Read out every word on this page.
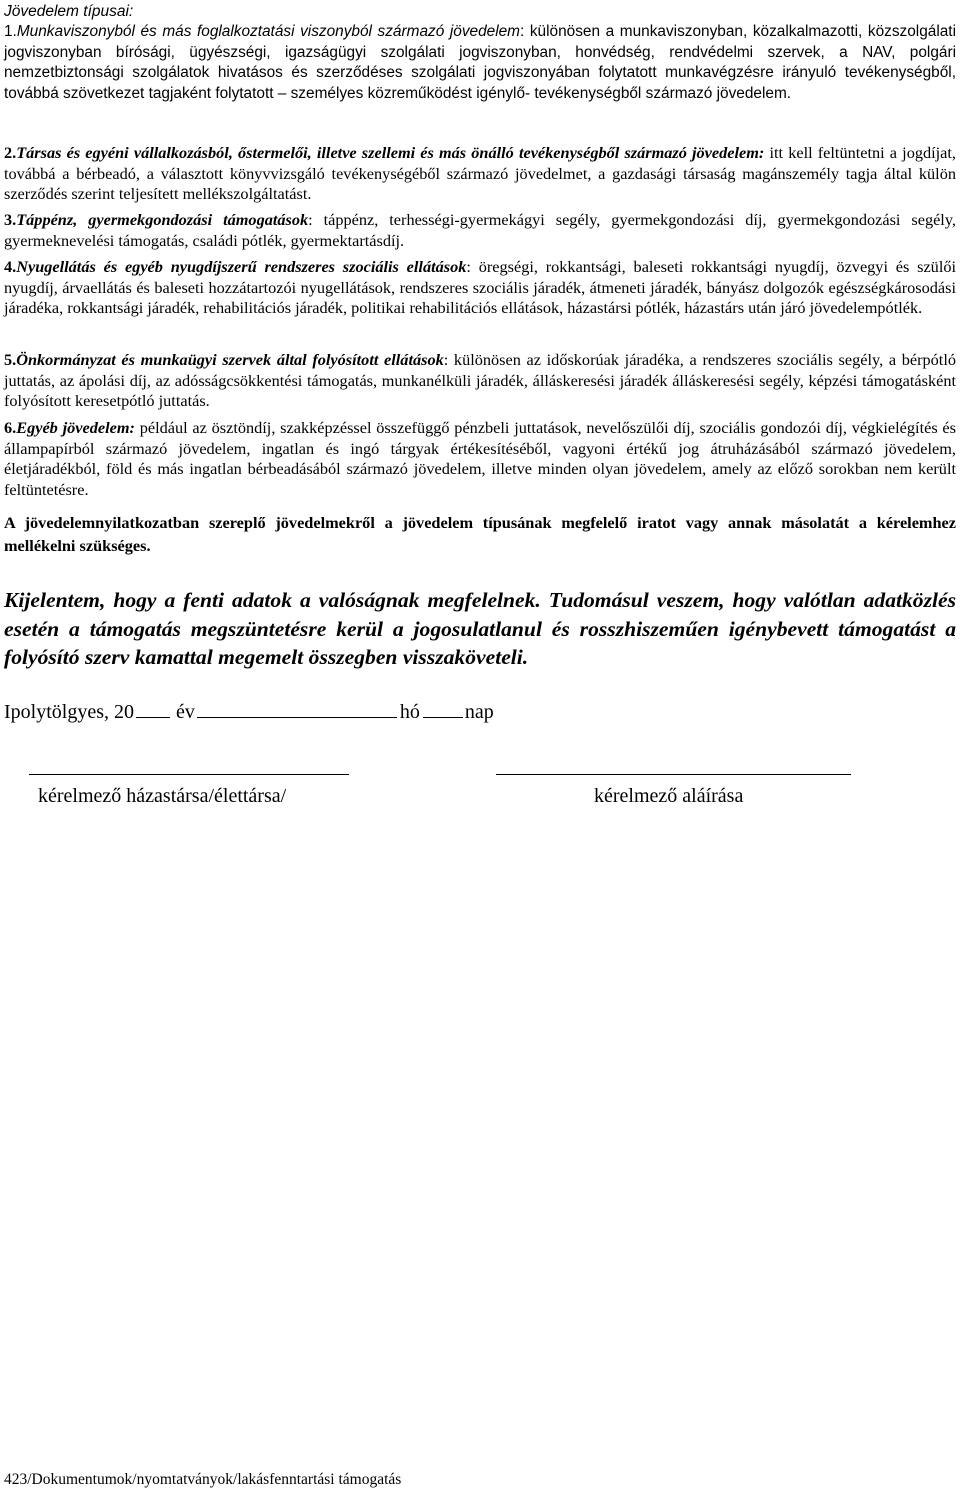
Jövedelem típusai:
1.Munkaviszonyból és más foglalkoztatási viszonyból származó jövedelem: különösen a munkaviszonyban, közalkalmazotti, közszolgálati jogviszonyban bírósági, ügyészségi, igazságügyi szolgálati jogviszonyban, honvédség, rendvédelmi szervek, a NAV, polgári nemzetbiztonsági szolgálatok hivatásos és szerződéses szolgálati jogviszonyában folytatott munkavégzésre irányuló tevékenységből, továbbá szövetkezet tagjaként folytatott – személyes közreműködést igénylő- tevékenységből származó jövedelem.
2.Társas és egyéni vállalkozásból, őstermelői, illetve szellemi és más önálló tevékenységből származó jövedelem: itt kell feltüntetni a jogdíjat, továbbá a bérbeadó, a választott könyvvizsgáló tevékenységéből származó jövedelmet, a gazdasági társaság magánszemély tagja által külön szerződés szerint teljesített mellékszolgáltatást.
3.Táppénz, gyermekgondozási támogatások: táppénz, terhességi-gyermekágyi segély, gyermekgondozási díj, gyermekgondozási segély, gyermeknevelési támogatás, családi pótlék, gyermektartásdíj.
4.Nyugellátás és egyéb nyugdíjszerű rendszeres szociális ellátások: öregségi, rokkantsági, baleseti rokkantsági nyugdíj, özvegyi és szülői nyugdíj, árvaellátás és baleseti hozzátartozói nyugellátások, rendszeres szociális járadék, átmeneti járadék, bányász dolgozók egészségkárosodási járadéka, rokkantsági járadék, rehabilitációs járadék, politikai rehabilitációs ellátások, házastársi pótlék, házastárs után járó jövedelempótlék.
5.Önkormányzat és munkaügyi szervek által folyósított ellátások: különösen az időskorúak járadéka, a rendszeres szociális segély, a bérpótló juttatás, az ápolási díj, az adósságcsökkentési támogatás, munkanélküli járadék, álláskeresési járadék álláskeresési segély, képzési támogatásként folyósított keresetpótló juttatás.
6.Egyéb jövedelem: például az ösztöndíj, szakképzéssel összefüggő pénzbeli juttatások, nevelőszülői díj, szociális gondozói díj, végkielégítés és állampapírból származó jövedelem, ingatlan és ingó tárgyak értékesítéséből, vagyoni értékű jog átruházásából származó jövedelem, életjáradékból, föld és más ingatlan bérbeadásából származó jövedelem, illetve minden olyan jövedelem, amely az előző sorokban nem került feltüntetésre.
A jövedelemnyilatkozatban szereplő jövedelmekről a jövedelem típusának megfelelő iratot vagy annak másolatát a kérelemhez mellékelni szükséges.
Kijelentem, hogy a fenti adatok a valóságnak megfelelnek. Tudomásul veszem, hogy valótlan adatközlés esetén a támogatás megszüntetésre kerül a jogosulatlanul és rosszhiszeműen igénybevett támogatást a folyósító szerv kamattal megemelt összegben visszaköveteli.
Ipolytölgyes, 20 év	hó nap
kérelmező házastársa/élettársa/	kérelmező aláírása
423/Dokumentumok/nyomtatványok/lakásfenntartási támogatás
